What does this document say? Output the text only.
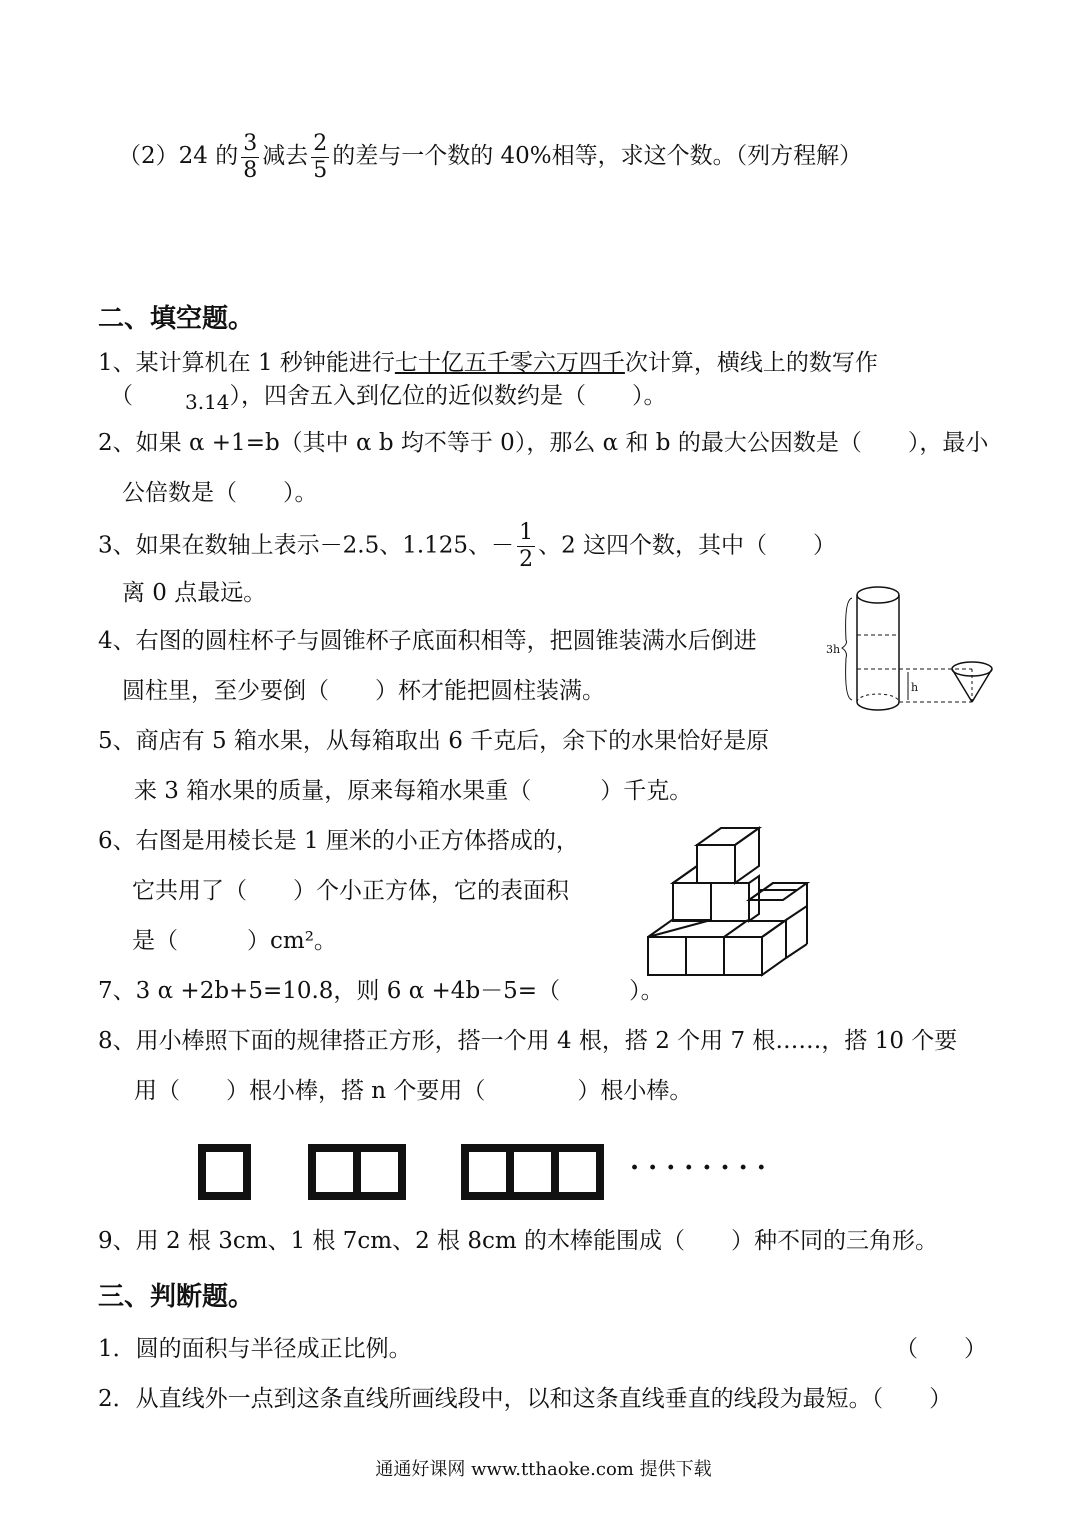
（2）24 的 $\frac{3}{8}$ 减去 $\frac{2}{5}$ 的差与一个数的 40%相等，求这个数。（列方程解）
二、填空题。
1、某计算机在 1 秒钟能进行七十亿五千零六万四千次计算，横线上的数写作
（	3.14），四舍五入到亿位的近似数约是（　　）。
2、如果 α +1=b（其中 α b 均不等于 0），那么 α 和 b 的最大公因数是（　　），最小
公倍数是（　　）。
3、如果在数轴上表示－2.5、1.125、－ $\frac{1}{2}$ 、2 这四个数，其中（　　）
离 0 点最远。
4、右图的圆柱杯子与圆锥杯子底面积相等，把圆锥装满水后倒进
圆柱里，至少要倒（　　）杯才能把圆柱装满。
3h
h
5、商店有 5 箱水果，从每箱取出 6 千克后，余下的水果恰好是原
来 3 箱水果的质量，原来每箱水果重（　　　）千克。
6、右图是用棱长是 1 厘米的小正方体搭成的，
它共用了（　　）个小正方体，它的表面积
是（　　　）cm²。
7、3 α +2b+5=10.8，则 6 α +4b－5=（　　　）。
8、用小棒照下面的规律搭正方形，搭一个用 4 根，搭 2 个用 7 根……，搭 10 个要
用（　　）根小棒，搭 n 个要用（　　　　）根小棒。
· · · · · · · ·
9、用 2 根 3cm、1 根 7cm、2 根 8cm 的木棒能围成（　　）种不同的三角形。
三、判断题。
1．圆的面积与半径成正比例。	（　　）
2．从直线外一点到这条直线所画线段中，以和这条直线垂直的线段为最短。（　　）
通通好课网 www.tthaoke.com 提供下载
